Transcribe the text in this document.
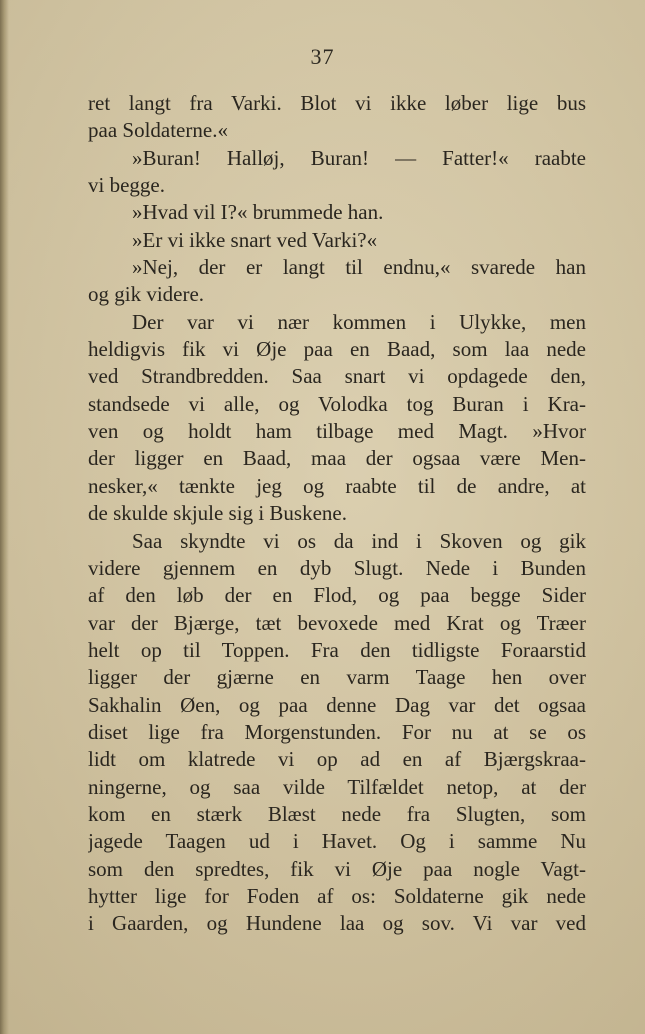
37
ret langt fra Varki. Blot vi ikke løber lige bus
paa Soldaterne.«
»Buran! Halløj, Buran! — Fatter!« raabte
vi begge.
»Hvad vil I?« brummede han.
»Er vi ikke snart ved Varki?«
»Nej, der er langt til endnu,« svarede han
og gik videre.
Der var vi nær kommen i Ulykke, men
heldigvis fik vi Øje paa en Baad, som laa nede
ved Strandbredden. Saa snart vi opdagede den,
standsede vi alle, og Volodka tog Buran i Kra-
ven og holdt ham tilbage med Magt. »Hvor
der ligger en Baad, maa der ogsaa være Men-
nesker,« tænkte jeg og raabte til de andre, at
de skulde skjule sig i Buskene.
Saa skyndte vi os da ind i Skoven og gik
videre gjennem en dyb Slugt. Nede i Bunden
af den løb der en Flod, og paa begge Sider
var der Bjærge, tæt bevoxede med Krat og Træer
helt op til Toppen. Fra den tidligste Foraarstid
ligger der gjærne en varm Taage hen over
Sakhalin Øen, og paa denne Dag var det ogsaa
diset lige fra Morgenstunden. For nu at se os
lidt om klatrede vi op ad en af Bjærgskraa-
ningerne, og saa vilde Tilfældet netop, at der
kom en stærk Blæst nede fra Slugten, som
jagede Taagen ud i Havet. Og i samme Nu
som den spredtes, fik vi Øje paa nogle Vagt-
hytter lige for Foden af os: Soldaterne gik nede
i Gaarden, og Hundene laa og sov. Vi var ved
